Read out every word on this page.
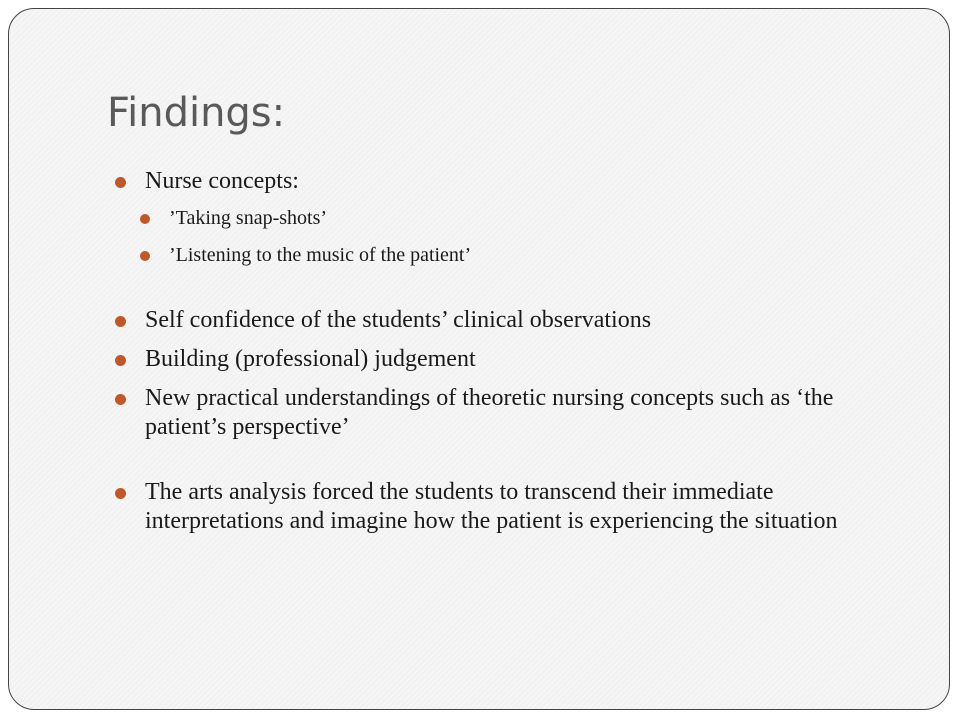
Findings:
Nurse concepts:
’Taking snap-shots’
’Listening to the music of the patient’
Self confidence of the students’ clinical observations
Building (professional) judgement
New practical understandings of theoretic nursing concepts such as ‘the patient’s perspective’
The arts analysis forced the students to transcend their immediate interpretations and imagine how the patient is experiencing the situation
